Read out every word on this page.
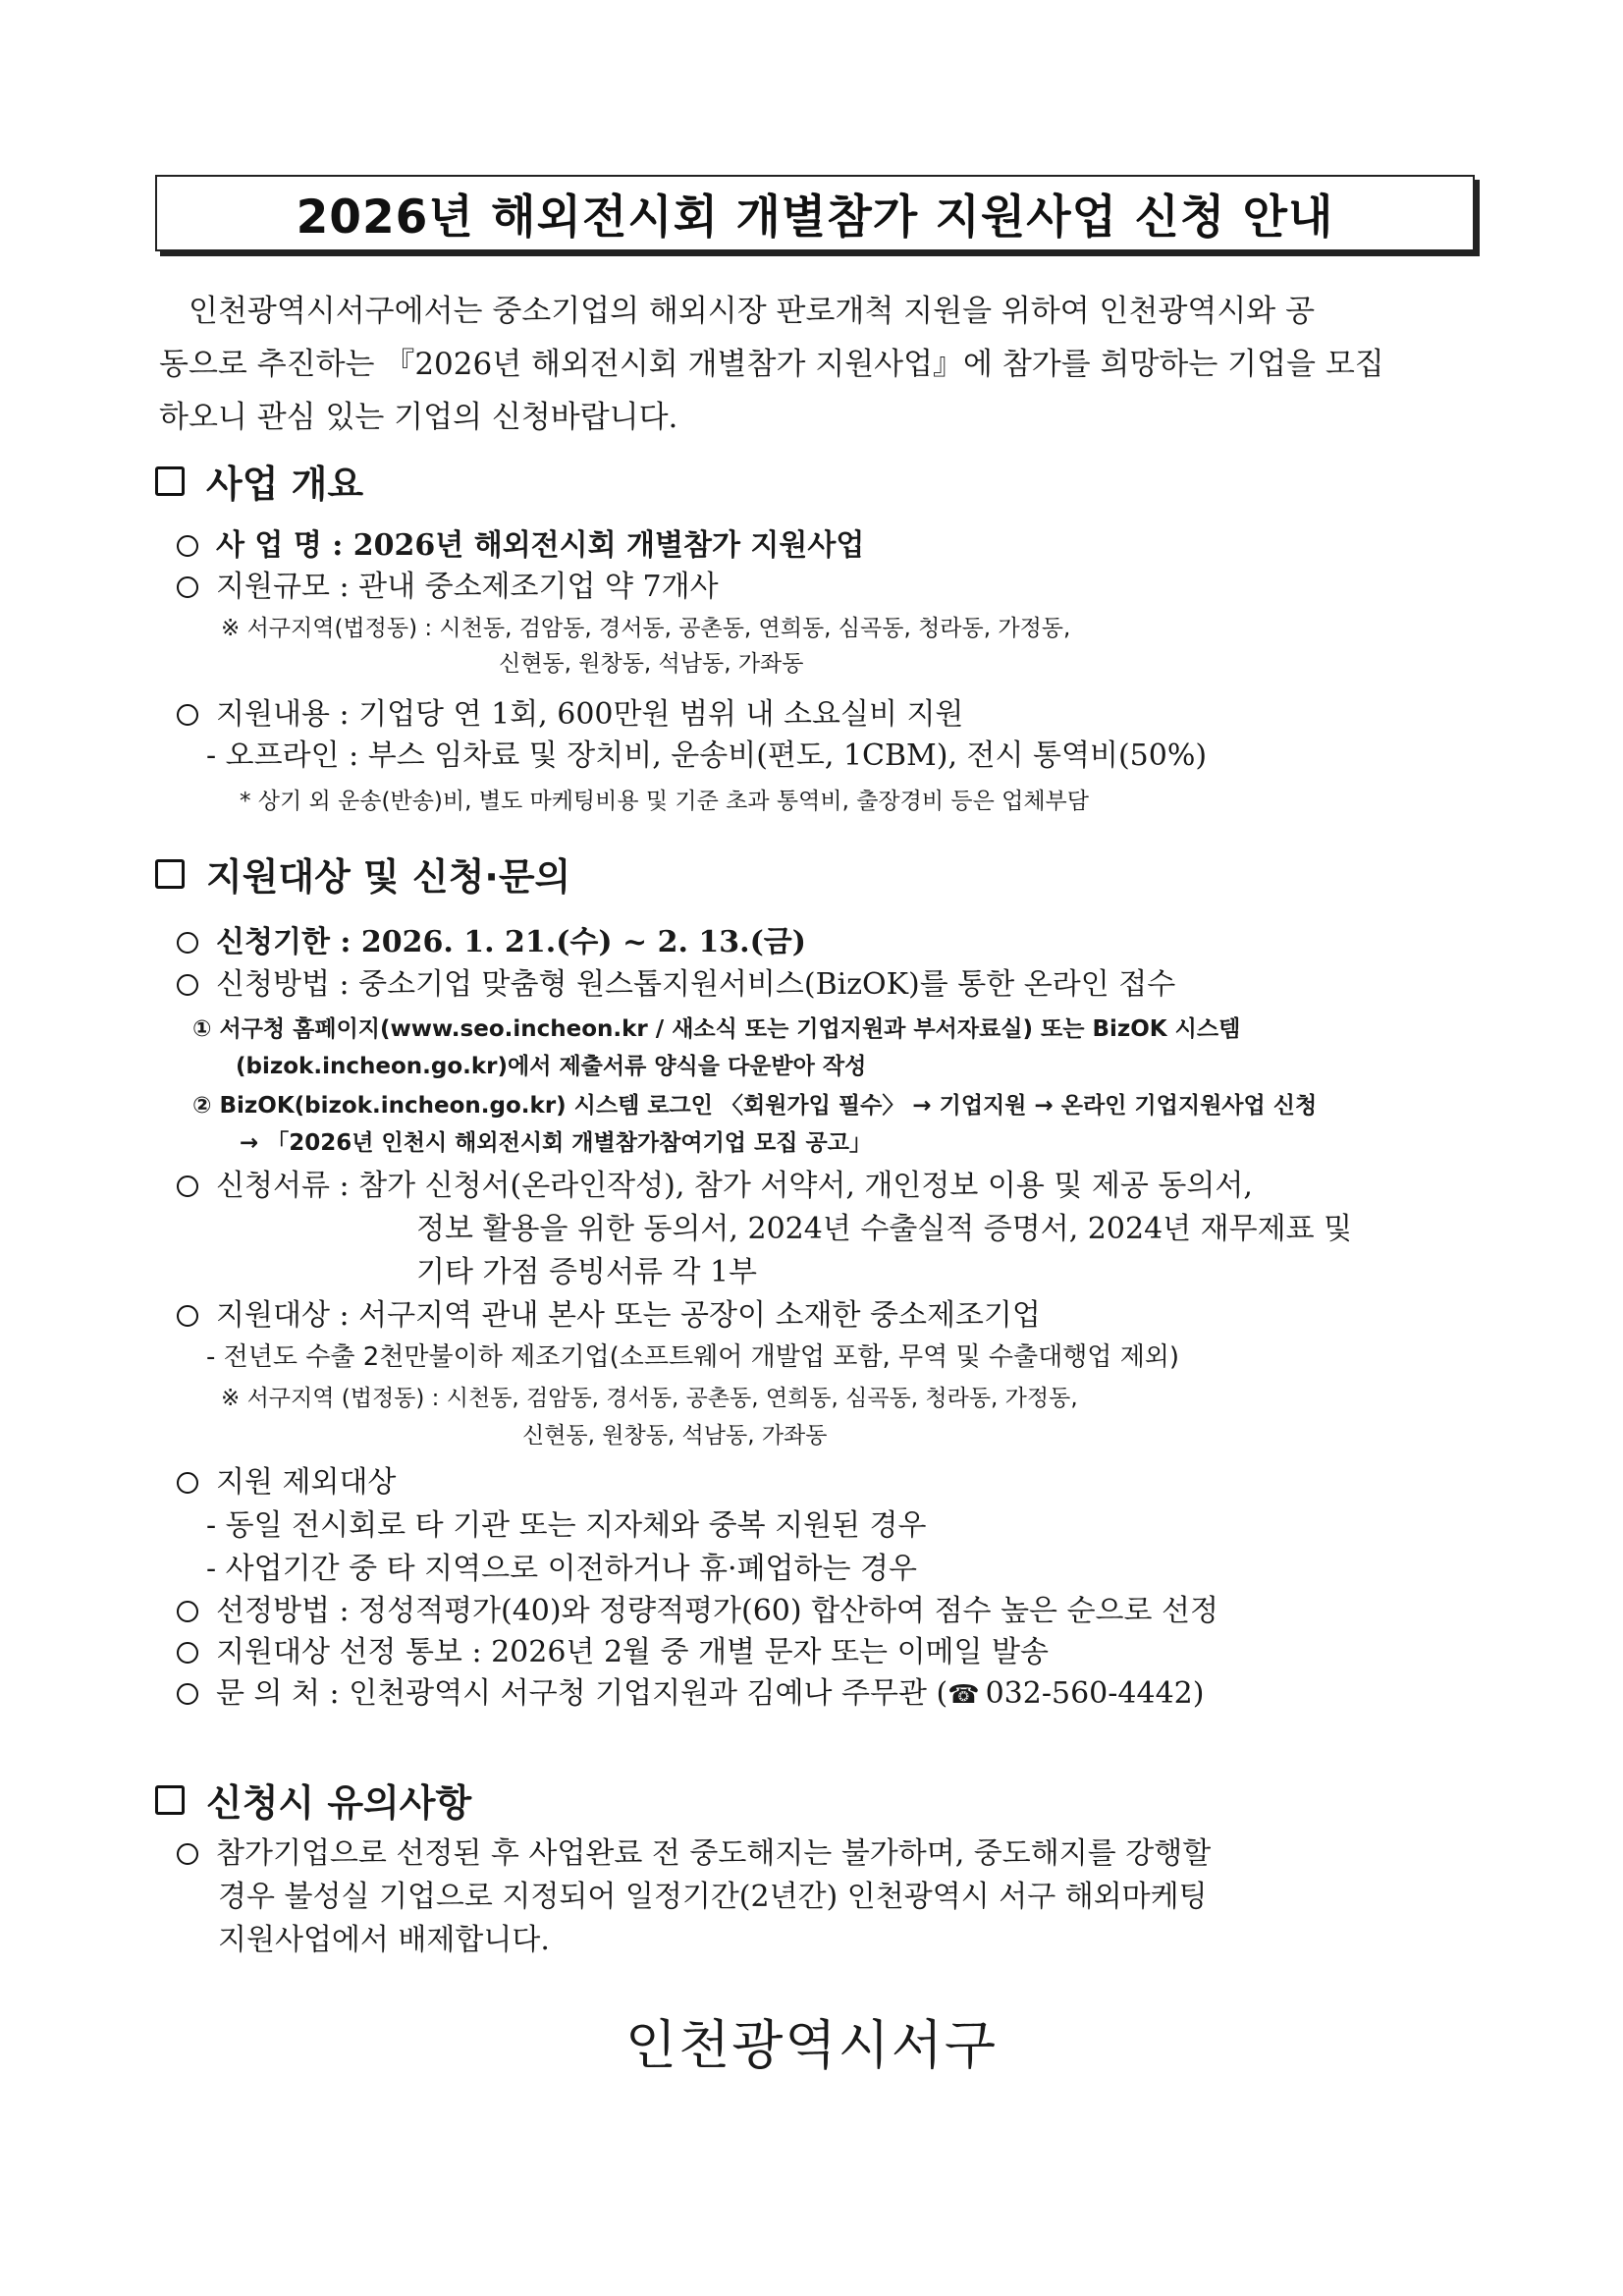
2026년 해외전시회 개별참가 지원사업 신청 안내
인천광역시서구에서는 중소기업의 해외시장 판로개척 지원을 위하여 인천광역시와 공
동으로 추진하는 『2026년 해외전시회 개별참가 지원사업』에 참가를 희망하는 기업을 모집
하오니 관심 있는 기업의 신청바랍니다.
사업 개요
사 업 명 : 2026년 해외전시회 개별참가 지원사업
지원규모 : 관내 중소제조기업 약 7개사
※ 서구지역(법정동) : 시천동, 검암동, 경서동, 공촌동, 연희동, 심곡동, 청라동, 가정동,
신현동, 원창동, 석남동, 가좌동
지원내용 : 기업당 연 1회, 600만원 범위 내 소요실비 지원
- 오프라인 : 부스 임차료 및 장치비, 운송비(편도, 1CBM), 전시 통역비(50%)
* 상기 외 운송(반송)비, 별도 마케팅비용 및 기준 초과 통역비, 출장경비 등은 업체부담
지원대상 및 신청·문의
신청기한 : 2026. 1. 21.(수) ~ 2. 13.(금)
신청방법 : 중소기업 맞춤형 원스톱지원서비스(BizOK)를 통한 온라인 접수
① 서구청 홈페이지(www.seo.incheon.kr / 새소식 또는 기업지원과 부서자료실) 또는 BizOK 시스템
(bizok.incheon.go.kr)에서 제출서류 양식을 다운받아 작성
② BizOK(bizok.incheon.go.kr) 시스템 로그인 〈회원가입 필수〉 → 기업지원 → 온라인 기업지원사업 신청
→ 「2026년 인천시 해외전시회 개별참가참여기업 모집 공고」
신청서류 : 참가 신청서(온라인작성), 참가 서약서, 개인정보 이용 및 제공 동의서,
정보 활용을 위한 동의서, 2024년 수출실적 증명서, 2024년 재무제표 및
기타 가점 증빙서류 각 1부
지원대상 : 서구지역 관내 본사 또는 공장이 소재한 중소제조기업
- 전년도 수출 2천만불이하 제조기업(소프트웨어 개발업 포함, 무역 및 수출대행업 제외)
※ 서구지역 (법정동) : 시천동, 검암동, 경서동, 공촌동, 연희동, 심곡동, 청라동, 가정동,
신현동, 원창동, 석남동, 가좌동
지원 제외대상
- 동일 전시회로 타 기관 또는 지자체와 중복 지원된 경우
- 사업기간 중 타 지역으로 이전하거나 휴·폐업하는 경우
선정방법 : 정성적평가(40)와 정량적평가(60) 합산하여 점수 높은 순으로 선정
지원대상 선정 통보 : 2026년 2월 중 개별 문자 또는 이메일 발송
문 의 처 : 인천광역시 서구청 기업지원과 김예나 주무관 (☎ 032-560-4442)
신청시 유의사항
참가기업으로 선정된 후 사업완료 전 중도해지는 불가하며, 중도해지를 강행할
경우 불성실 기업으로 지정되어 일정기간(2년간) 인천광역시 서구 해외마케팅
지원사업에서 배제합니다.
인천광역시서구
